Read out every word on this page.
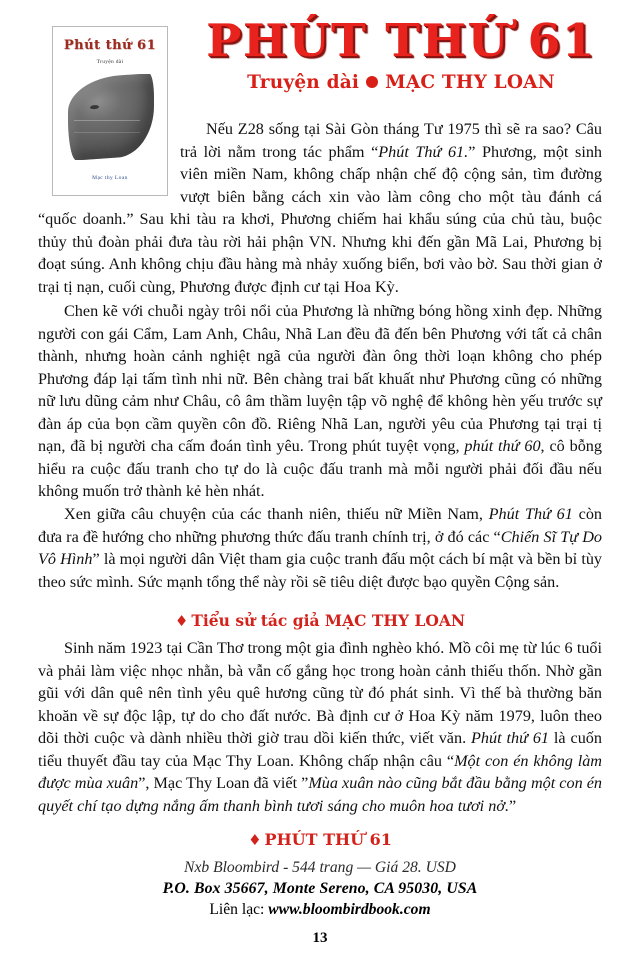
Phút thứ 61
Truyện dài
Mạc thy Loan
PHÚT THỨ 61
Truyện dài MẠC THY LOAN

Nếu Z28 sống tại Sài Gòn tháng Tư 1975 thì sẽ ra sao? Câu trả lời nằm trong tác phẩm “Phút Thứ 61.” Phương, một sinh viên miền Nam, không chấp nhận chế độ cộng sản, tìm đường vượt biên bằng cách xin vào làm công cho một tàu đánh cá “quốc doanh.” Sau khi tàu ra khơi, Phương chiếm hai khẩu súng của chủ tàu, buộc thủy thủ đoàn phải đưa tàu rời hải phận VN. Nhưng khi đến gần Mã Lai, Phương bị đoạt súng. Anh không chịu đầu hàng mà nhảy xuống biển, bơi vào bờ. Sau thời gian ở trại tị nạn, cuối cùng, Phương được định cư tại Hoa Kỳ.

Chen kẽ với chuỗi ngày trôi nổi của Phương là những bóng hồng xinh đẹp. Những người con gái Cẩm, Lam Anh, Châu, Nhã Lan đều đã đến bên Phương với tất cả chân thành, nhưng hoàn cảnh nghiệt ngã của người đàn ông thời loạn không cho phép Phương đáp lại tấm tình nhi nữ. Bên chàng trai bất khuất như Phương cũng có những nữ lưu dũng cảm như Châu, cô âm thầm luyện tập võ nghệ để không hèn yếu trước sự đàn áp của bọn cầm quyền côn đồ. Riêng Nhã Lan, người yêu của Phương tại trại tị nạn, đã bị người cha cấm đoán tình yêu. Trong phút tuyệt vọng, phút thứ 60, cô bỗng hiểu ra cuộc đấu tranh cho tự do là cuộc đấu tranh mà mỗi người phải đối đầu nếu không muốn trở thành kẻ hèn nhát.

Xen giữa câu chuyện của các thanh niên, thiếu nữ Miền Nam, Phút Thứ 61 còn đưa ra đề hướng cho những phương thức đấu tranh chính trị, ở đó các “Chiến Sĩ Tự Do Vô Hình” là mọi người dân Việt tham gia cuộc tranh đấu một cách bí mật và bền bỉ tùy theo sức mình. Sức mạnh tổng thể này rồi sẽ tiêu diệt được bạo quyền Cộng sản.

♦ Tiểu sử tác giả MẠC THY LOAN

Sinh năm 1923 tại Cần Thơ trong một gia đình nghèo khó. Mồ côi mẹ từ lúc 6 tuổi và phải làm việc nhọc nhằn, bà vẫn cố gắng học trong hoàn cảnh thiếu thốn. Nhờ gần gũi với dân quê nên tình yêu quê hương cũng từ đó phát sinh. Vì thế bà thường băn khoăn về sự độc lập, tự do cho đất nước. Bà định cư ở Hoa Kỳ năm 1979, luôn theo dõi thời cuộc và dành nhiều thời giờ trau dồi kiến thức, viết văn. Phút thứ 61 là cuốn tiểu thuyết đầu tay của Mạc Thy Loan. Không chấp nhận câu “Một con én không làm được mùa xuân”, Mạc Thy Loan đã viết ”Mùa xuân nào cũng bắt đầu bằng một con én quyết chí tạo dựng nắng ấm thanh bình tươi sáng cho muôn hoa tươi nở.”

♦ PHÚT THỨ 61
Nxb Bloombird - 544 trang — Giá 28. USD
P.O. Box 35667, Monte Sereno, CA 95030, USA
Liên lạc: www.bloombirdbook.com
13
